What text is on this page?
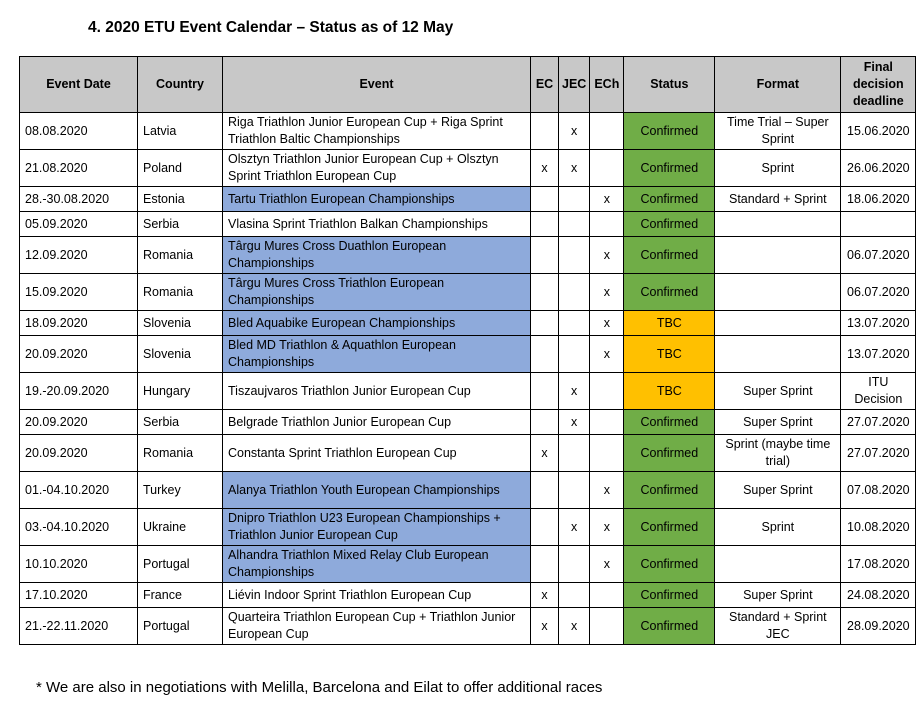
4. 2020 ETU Event Calendar – Status as of 12 May
Event Date	Country	Event	EC	JEC	ECh	Status	Format	Final decision deadline
08.08.2020	Latvia	Riga Triathlon Junior European Cup + Riga Sprint Triathlon Baltic Championships		x		Confirmed	Time Trial – Super Sprint	15.06.2020
21.08.2020	Poland	Olsztyn Triathlon Junior European Cup + Olsztyn Sprint Triathlon European Cup	x	x		Confirmed	Sprint	26.06.2020
28.-30.08.2020	Estonia	Tartu Triathlon European Championships			x	Confirmed	Standard + Sprint	18.06.2020
05.09.2020	Serbia	Vlasina Sprint Triathlon Balkan Championships				Confirmed		
12.09.2020	Romania	Târgu Mures Cross Duathlon European Championships			x	Confirmed		06.07.2020
15.09.2020	Romania	Târgu Mures Cross Triathlon European Championships			x	Confirmed		06.07.2020
18.09.2020	Slovenia	Bled Aquabike European Championships			x	TBC		13.07.2020
20.09.2020	Slovenia	Bled MD Triathlon & Aquathlon European Championships			x	TBC		13.07.2020
19.-20.09.2020	Hungary	Tiszaujvaros Triathlon Junior European Cup		x		TBC	Super Sprint	ITU Decision
20.09.2020	Serbia	Belgrade Triathlon Junior European Cup		x		Confirmed	Super Sprint	27.07.2020
20.09.2020	Romania	Constanta Sprint Triathlon European Cup	x			Confirmed	Sprint (maybe time trial)	27.07.2020
01.-04.10.2020	Turkey	Alanya Triathlon Youth European Championships			x	Confirmed	Super Sprint	07.08.2020
03.-04.10.2020	Ukraine	Dnipro Triathlon U23 European Championships + Triathlon Junior European Cup		x	x	Confirmed	Sprint	10.08.2020
10.10.2020	Portugal	Alhandra Triathlon Mixed Relay Club European Championships			x	Confirmed		17.08.2020
17.10.2020	France	Liévin Indoor Sprint Triathlon European Cup	x			Confirmed	Super Sprint	24.08.2020
21.-22.11.2020	Portugal	Quarteira Triathlon European Cup + Triathlon Junior European Cup	x	x		Confirmed	Standard + Sprint JEC	28.09.2020
* We are also in negotiations with Melilla, Barcelona and Eilat to offer additional races
